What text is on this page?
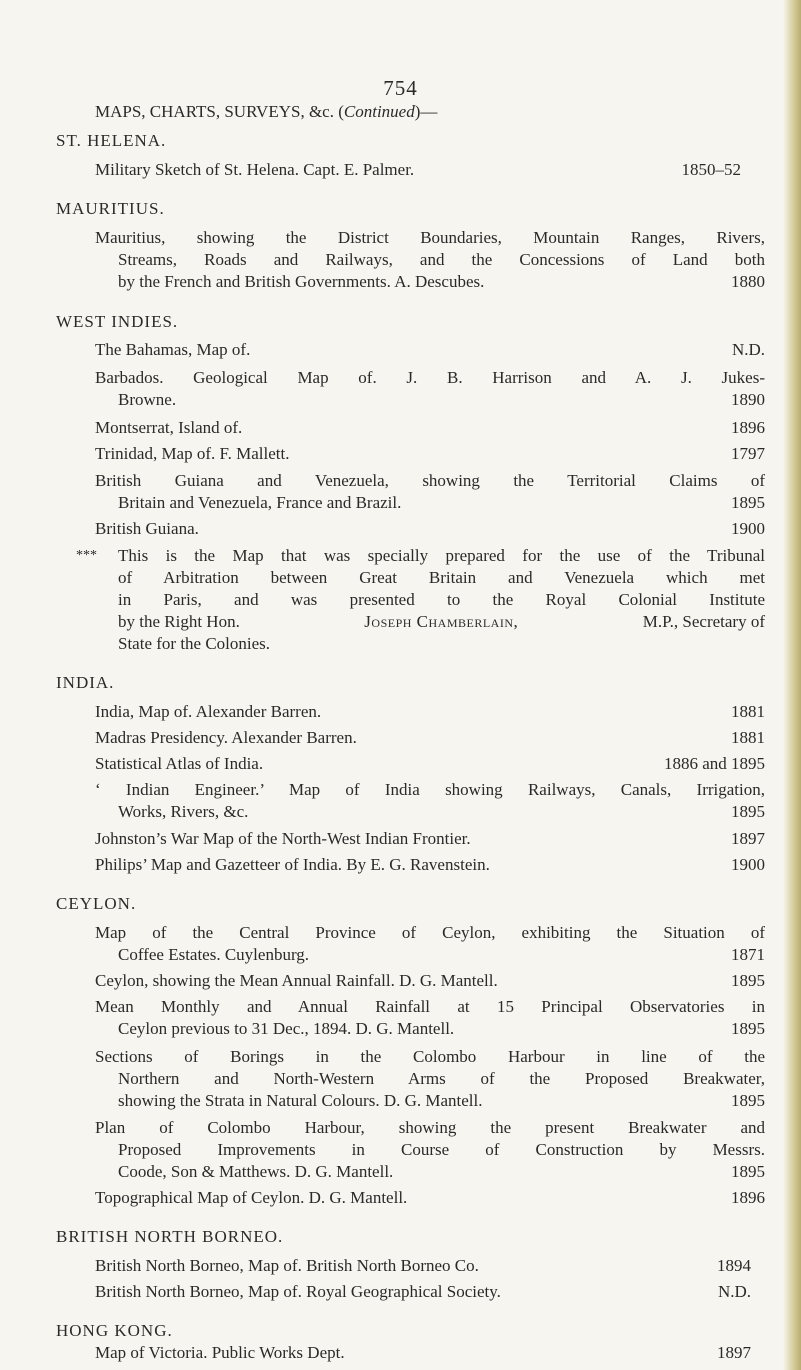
754
MAPS, CHARTS, SURVEYS, &c. (Continued)—
ST. HELENA.
Military Sketch of St. Helena. Capt. E. Palmer.	1850–52
MAURITIUS.
Mauritius, showing the District Boundaries, Mountain Ranges, Rivers,
Streams, Roads and Railways, and the Concessions of Land both
by the French and British Governments. A. Descubes.	1880
WEST INDIES.
The Bahamas, Map of.	N.D.
Barbados. Geological Map of. J. B. Harrison and A. J. Jukes-
Browne.	1890
Montserrat, Island of.	1896
Trinidad, Map of. F. Mallett.	1797
British Guiana and Venezuela, showing the Territorial Claims of
Britain and Venezuela, France and Brazil.	1895
British Guiana.	1900
*⁢*⁢* This is the Map that was specially prepared for the use of the Tribunal
of Arbitration between Great Britain and Venezuela which met
in Paris, and was presented to the Royal Colonial Institute
by the Right Hon.	Joseph Chamberlain,	M.P., Secretary of
State for the Colonies.
INDIA.
India, Map of. Alexander Barren.	1881
Madras Presidency. Alexander Barren.	1881
Statistical Atlas of India.	1886 and 1895
‘ Indian Engineer.’ Map of India showing Railways, Canals, Irrigation,
Works, Rivers, &c.	1895
Johnston’s War Map of the North-West Indian Frontier.	1897
Philips’ Map and Gazetteer of India. By E. G. Ravenstein.	1900
CEYLON.
Map of the Central Province of Ceylon, exhibiting the Situation of
Coffee Estates. Cuylenburg.	1871
Ceylon, showing the Mean Annual Rainfall. D. G. Mantell.	1895
Mean Monthly and Annual Rainfall at 15 Principal Observatories in
Ceylon previous to 31 Dec., 1894. D. G. Mantell.	1895
Sections of Borings in the Colombo Harbour in line of the
Northern and North-Western Arms of the Proposed Breakwater,
showing the Strata in Natural Colours. D. G. Mantell.	1895
Plan of Colombo Harbour, showing the present Breakwater and
Proposed Improvements in Course of Construction by Messrs.
Coode, Son & Matthews. D. G. Mantell.	1895
Topographical Map of Ceylon. D. G. Mantell.	1896
BRITISH NORTH BORNEO.
British North Borneo, Map of. British North Borneo Co.	1894
British North Borneo, Map of. Royal Geographical Society.	N.D.
HONG KONG.
Map of Victoria. Public Works Dept.	1897
